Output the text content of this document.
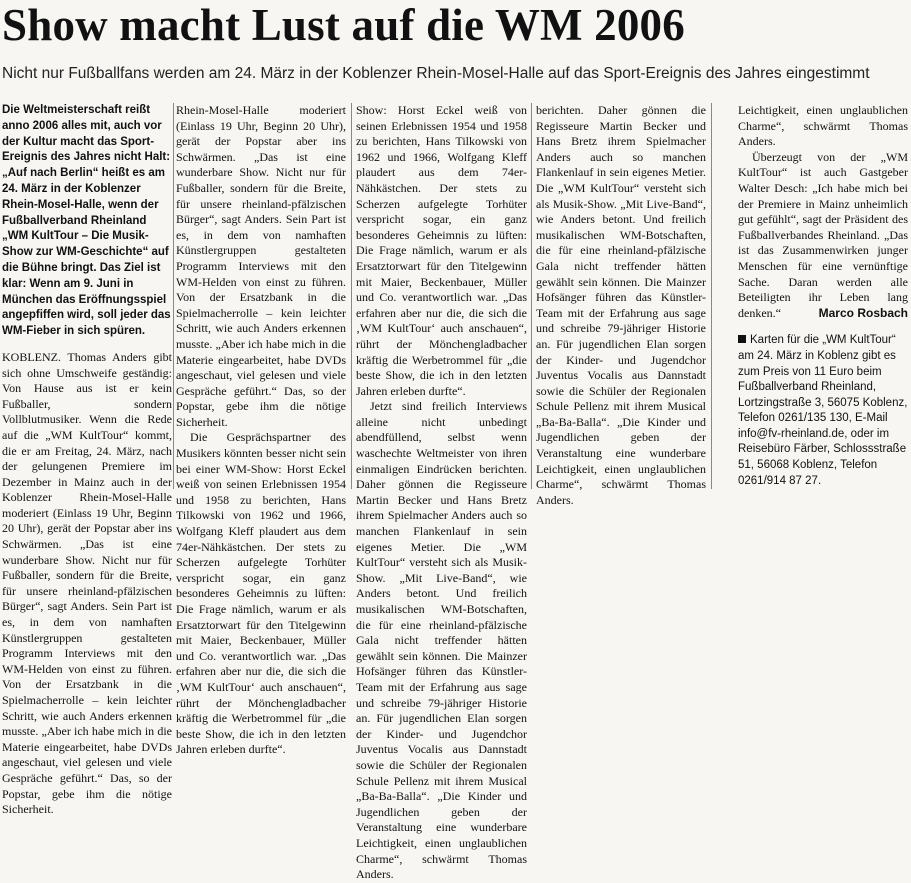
Show macht Lust auf die WM 2006

Nicht nur Fußballfans werden am 24. März in der Koblenzer Rhein-Mosel-Halle auf das Sport-Ereignis des Jahres eingestimmt

Die Weltmeisterschaft reißt anno 2006 alles mit, auch vor der Kultur macht das Sport-Ereignis des Jahres nicht Halt: „Auf nach Berlin“ heißt es am 24. März in der Koblenzer Rhein-Mosel-Halle, wenn der Fußballverband Rheinland „WM KultTour – Die Musik-Show zur WM-Geschichte“ auf die Bühne bringt. Das Ziel ist klar: Wenn am 9. Juni in München das Eröffnungsspiel angepfiffen wird, soll jeder das WM-Fieber in sich spüren.

KOBLENZ. Thomas Anders gibt sich ohne Umschweife geständig: Von Hause aus ist er kein Fußballer, sondern Vollblutmusiker. Wenn die Rede auf die „WM KultTour“ kommt, die er am Freitag, 24. März, nach der gelungenen Premiere im Dezember in Mainz auch in der Koblenzer Rhein-Mosel-Halle moderiert (Einlass 19 Uhr, Beginn 20 Uhr), gerät der Popstar aber ins Schwärmen. „Das ist eine wunderbare Show. Nicht nur für Fußballer, sondern für die Breite, für unsere rheinland-pfälzischen Bürger“, sagt Anders. Sein Part ist es, in dem von namhaften Künstlergruppen gestalteten Programm Interviews mit den WM-Helden von einst zu führen. Von der Ersatzbank in die Spielmacherrolle – kein leichter Schritt, wie auch Anders erkennen musste. „Aber ich habe mich in die Materie eingearbeitet, habe DVDs angeschaut, viel gelesen und viele Gespräche geführt.“ Das, so der Popstar, gebe ihm die nötige Sicherheit.

Rhein-Mosel-Halle moderiert (Einlass 19 Uhr, Beginn 20 Uhr), gerät der Popstar aber ins Schwärmen. „Das ist eine wunderbare Show. Nicht nur für Fußballer, sondern für die Breite, für unsere rheinland-pfälzischen Bürger“, sagt Anders. Sein Part ist es, in dem von namhaften Künstlergruppen gestalteten Programm Interviews mit den WM-Helden von einst zu führen. Von der Ersatzbank in die Spielmacherrolle – kein leichter Schritt, wie auch Anders erkennen musste. „Aber ich habe mich in die Materie eingearbeitet, habe DVDs angeschaut, viel gelesen und viele Gespräche geführt.“ Das, so der Popstar, gebe ihm die nötige Sicherheit.

Die Gesprächspartner des Musikers könnten besser nicht sein bei einer WM-Show: Horst Eckel weiß von seinen Erlebnissen 1954 und 1958 zu berichten, Hans Tilkowski von 1962 und 1966, Wolfgang Kleff plaudert aus dem 74er-Nähkästchen. Der stets zu Scherzen aufgelegte Torhüter verspricht sogar, ein ganz besonderes Geheimnis zu lüften: Die Frage nämlich, warum er als Ersatztorwart für den Titelgewinn mit Maier, Beckenbauer, Müller und Co. verantwortlich war. „Das erfahren aber nur die, die sich die ‚WM KultTour‘ auch anschauen“, rührt der Mönchengladbacher kräftig die Werbetrommel für „die beste Show, die ich in den letzten Jahren erleben durfte“.

Show: Horst Eckel weiß von seinen Erlebnissen 1954 und 1958 zu berichten, Hans Tilkowski von 1962 und 1966, Wolfgang Kleff plaudert aus dem 74er-Nähkästchen. Der stets zu Scherzen aufgelegte Torhüter verspricht sogar, ein ganz besonderes Geheimnis zu lüften: Die Frage nämlich, warum er als Ersatztorwart für den Titelgewinn mit Maier, Beckenbauer, Müller und Co. verantwortlich war. „Das erfahren aber nur die, die sich die ‚WM KultTour‘ auch anschauen“, rührt der Mönchengladbacher kräftig die Werbetrommel für „die beste Show, die ich in den letzten Jahren erleben durfte“.

Jetzt sind freilich Interviews alleine nicht unbedingt abendfüllend, selbst wenn waschechte Weltmeister von ihren einmaligen Eindrücken berichten. Daher gönnen die Regisseure Martin Becker und Hans Bretz ihrem Spielmacher Anders auch so manchen Flankenlauf in sein eigenes Metier. Die „WM KultTour“ versteht sich als Musik-Show. „Mit Live-Band“, wie Anders betont. Und freilich musikalischen WM-Botschaften, die für eine rheinland-pfälzische Gala nicht treffender hätten gewählt sein können. Die Mainzer Hofsänger führen das Künstler-Team mit der Erfahrung aus sage und schreibe 79-jähriger Historie an. Für jugendlichen Elan sorgen der Kinder- und Jugendchor Juventus Vocalis aus Dannstadt sowie die Schüler der Regionalen Schule Pellenz mit ihrem Musical „Ba-Ba-Balla“. „Die Kinder und Jugendlichen geben der Veranstaltung eine wunderbare Leichtigkeit, einen unglaublichen Charme“, schwärmt Thomas Anders.

berichten. Daher gönnen die Regisseure Martin Becker und Hans Bretz ihrem Spielmacher Anders auch so manchen Flankenlauf in sein eigenes Metier. Die „WM KultTour“ versteht sich als Musik-Show. „Mit Live-Band“, wie Anders betont. Und freilich musikalischen WM-Botschaften, die für eine rheinland-pfälzische Gala nicht treffender hätten gewählt sein können. Die Mainzer Hofsänger führen das Künstler-Team mit der Erfahrung aus sage und schreibe 79-jähriger Historie an. Für jugendlichen Elan sorgen der Kinder- und Jugendchor Juventus Vocalis aus Dannstadt sowie die Schüler der Regionalen Schule Pellenz mit ihrem Musical „Ba-Ba-Balla“. „Die Kinder und Jugendlichen geben der Veranstaltung eine wunderbare Leichtigkeit, einen unglaublichen Charme“, schwärmt Thomas Anders.

Leichtigkeit, einen unglaublichen Charme“, schwärmt Thomas Anders.

Überzeugt von der „WM KultTour“ ist auch Gastgeber Walter Desch: „Ich habe mich bei der Premiere in Mainz unheimlich gut gefühlt“, sagt der Präsident des Fußballverbandes Rheinland. „Das ist das Zusammenwirken junger Menschen für eine vernünftige Sache. Daran werden alle Beteiligten ihr Leben lang denken.“	Marco Rosbach

Karten für die „WM KultTour“ am 24. März in Koblenz gibt es zum Preis von 11 Euro beim Fußballverband Rheinland, Lortzingstraße 3, 56075 Koblenz, Telefon 0261/135 130, E-Mail info@fv-rheinland.de, oder im Reisebüro Färber, Schlossstraße 51, 56068 Koblenz, Telefon 0261/914 87 27.
